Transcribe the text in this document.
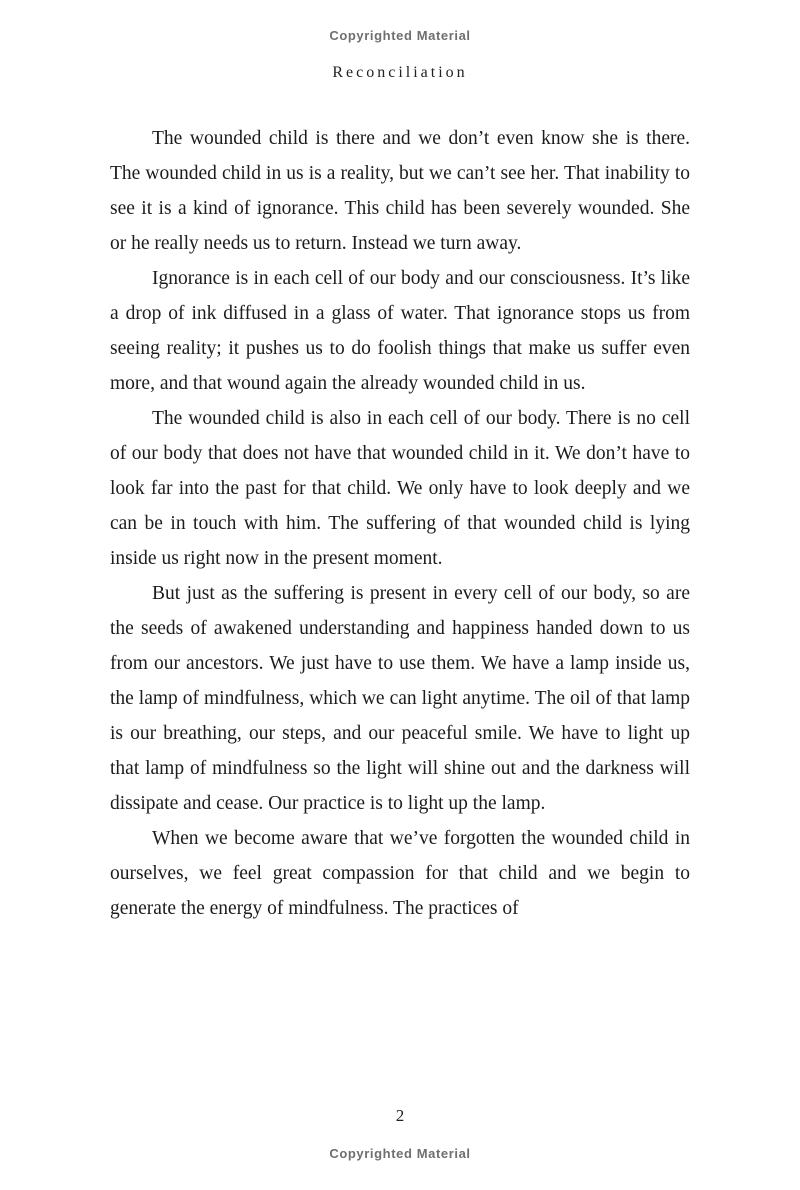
Copyrighted Material
Reconciliation

The wounded child is there and we don’t even know she is there. The wounded child in us is a reality, but we can’t see her. That inability to see it is a kind of ignorance. This child has been severely wounded. She or he really needs us to return. Instead we turn away.

Ignorance is in each cell of our body and our consciousness. It’s like a drop of ink diffused in a glass of water. That ignorance stops us from seeing reality; it pushes us to do foolish things that make us suffer even more, and that wound again the already wounded child in us.

The wounded child is also in each cell of our body. There is no cell of our body that does not have that wounded child in it. We don’t have to look far into the past for that child. We only have to look deeply and we can be in touch with him. The suffering of that wounded child is lying inside us right now in the present moment.

But just as the suffering is present in every cell of our body, so are the seeds of awakened understanding and happiness handed down to us from our ancestors. We just have to use them. We have a lamp inside us, the lamp of mindfulness, which we can light anytime. The oil of that lamp is our breathing, our steps, and our peaceful smile. We have to light up that lamp of mindfulness so the light will shine out and the darkness will dissipate and cease. Our practice is to light up the lamp.

When we become aware that we’ve forgotten the wounded child in ourselves, we feel great compassion for that child and we begin to generate the energy of mindfulness. The practices of

2
Copyrighted Material
